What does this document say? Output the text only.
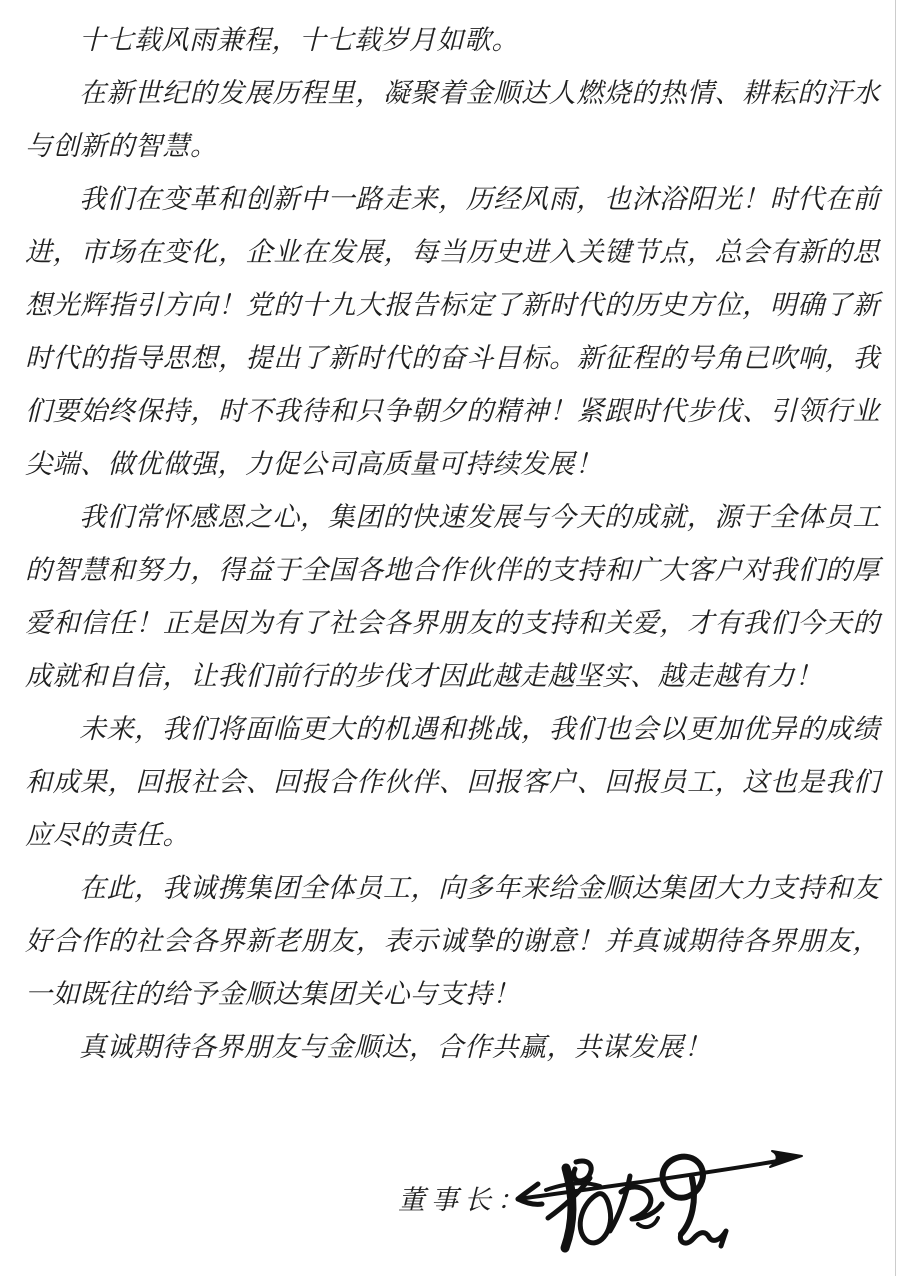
十七载风雨兼程，十七载岁月如歌。

在新世纪的发展历程里，凝聚着金顺达人燃烧的热情、耕耘的汗水与创新的智慧。

我们在变革和创新中一路走来，历经风雨，也沐浴阳光！时代在前进，市场在变化，企业在发展，每当历史进入关键节点，总会有新的思想光辉指引方向！党的十九大报告标定了新时代的历史方位，明确了新时代的指导思想，提出了新时代的奋斗目标。新征程的号角已吹响，我们要始终保持，时不我待和只争朝夕的精神！紧跟时代步伐、引领行业尖端、做优做强，力促公司高质量可持续发展！

我们常怀感恩之心，集团的快速发展与今天的成就，源于全体员工的智慧和努力，得益于全国各地合作伙伴的支持和广大客户对我们的厚爱和信任！正是因为有了社会各界朋友的支持和关爱，才有我们今天的成就和自信，让我们前行的步伐才因此越走越坚实、越走越有力！

未来，我们将面临更大的机遇和挑战，我们也会以更加优异的成绩和成果，回报社会、回报合作伙伴、回报客户、回报员工，这也是我们应尽的责任。

在此，我诚携集团全体员工，向多年来给金顺达集团大力支持和友好合作的社会各界新老朋友，表示诚挚的谢意！并真诚期待各界朋友，一如既往的给予金顺达集团关心与支持！

真诚期待各界朋友与金顺达，合作共赢，共谋发展！

董事长：
